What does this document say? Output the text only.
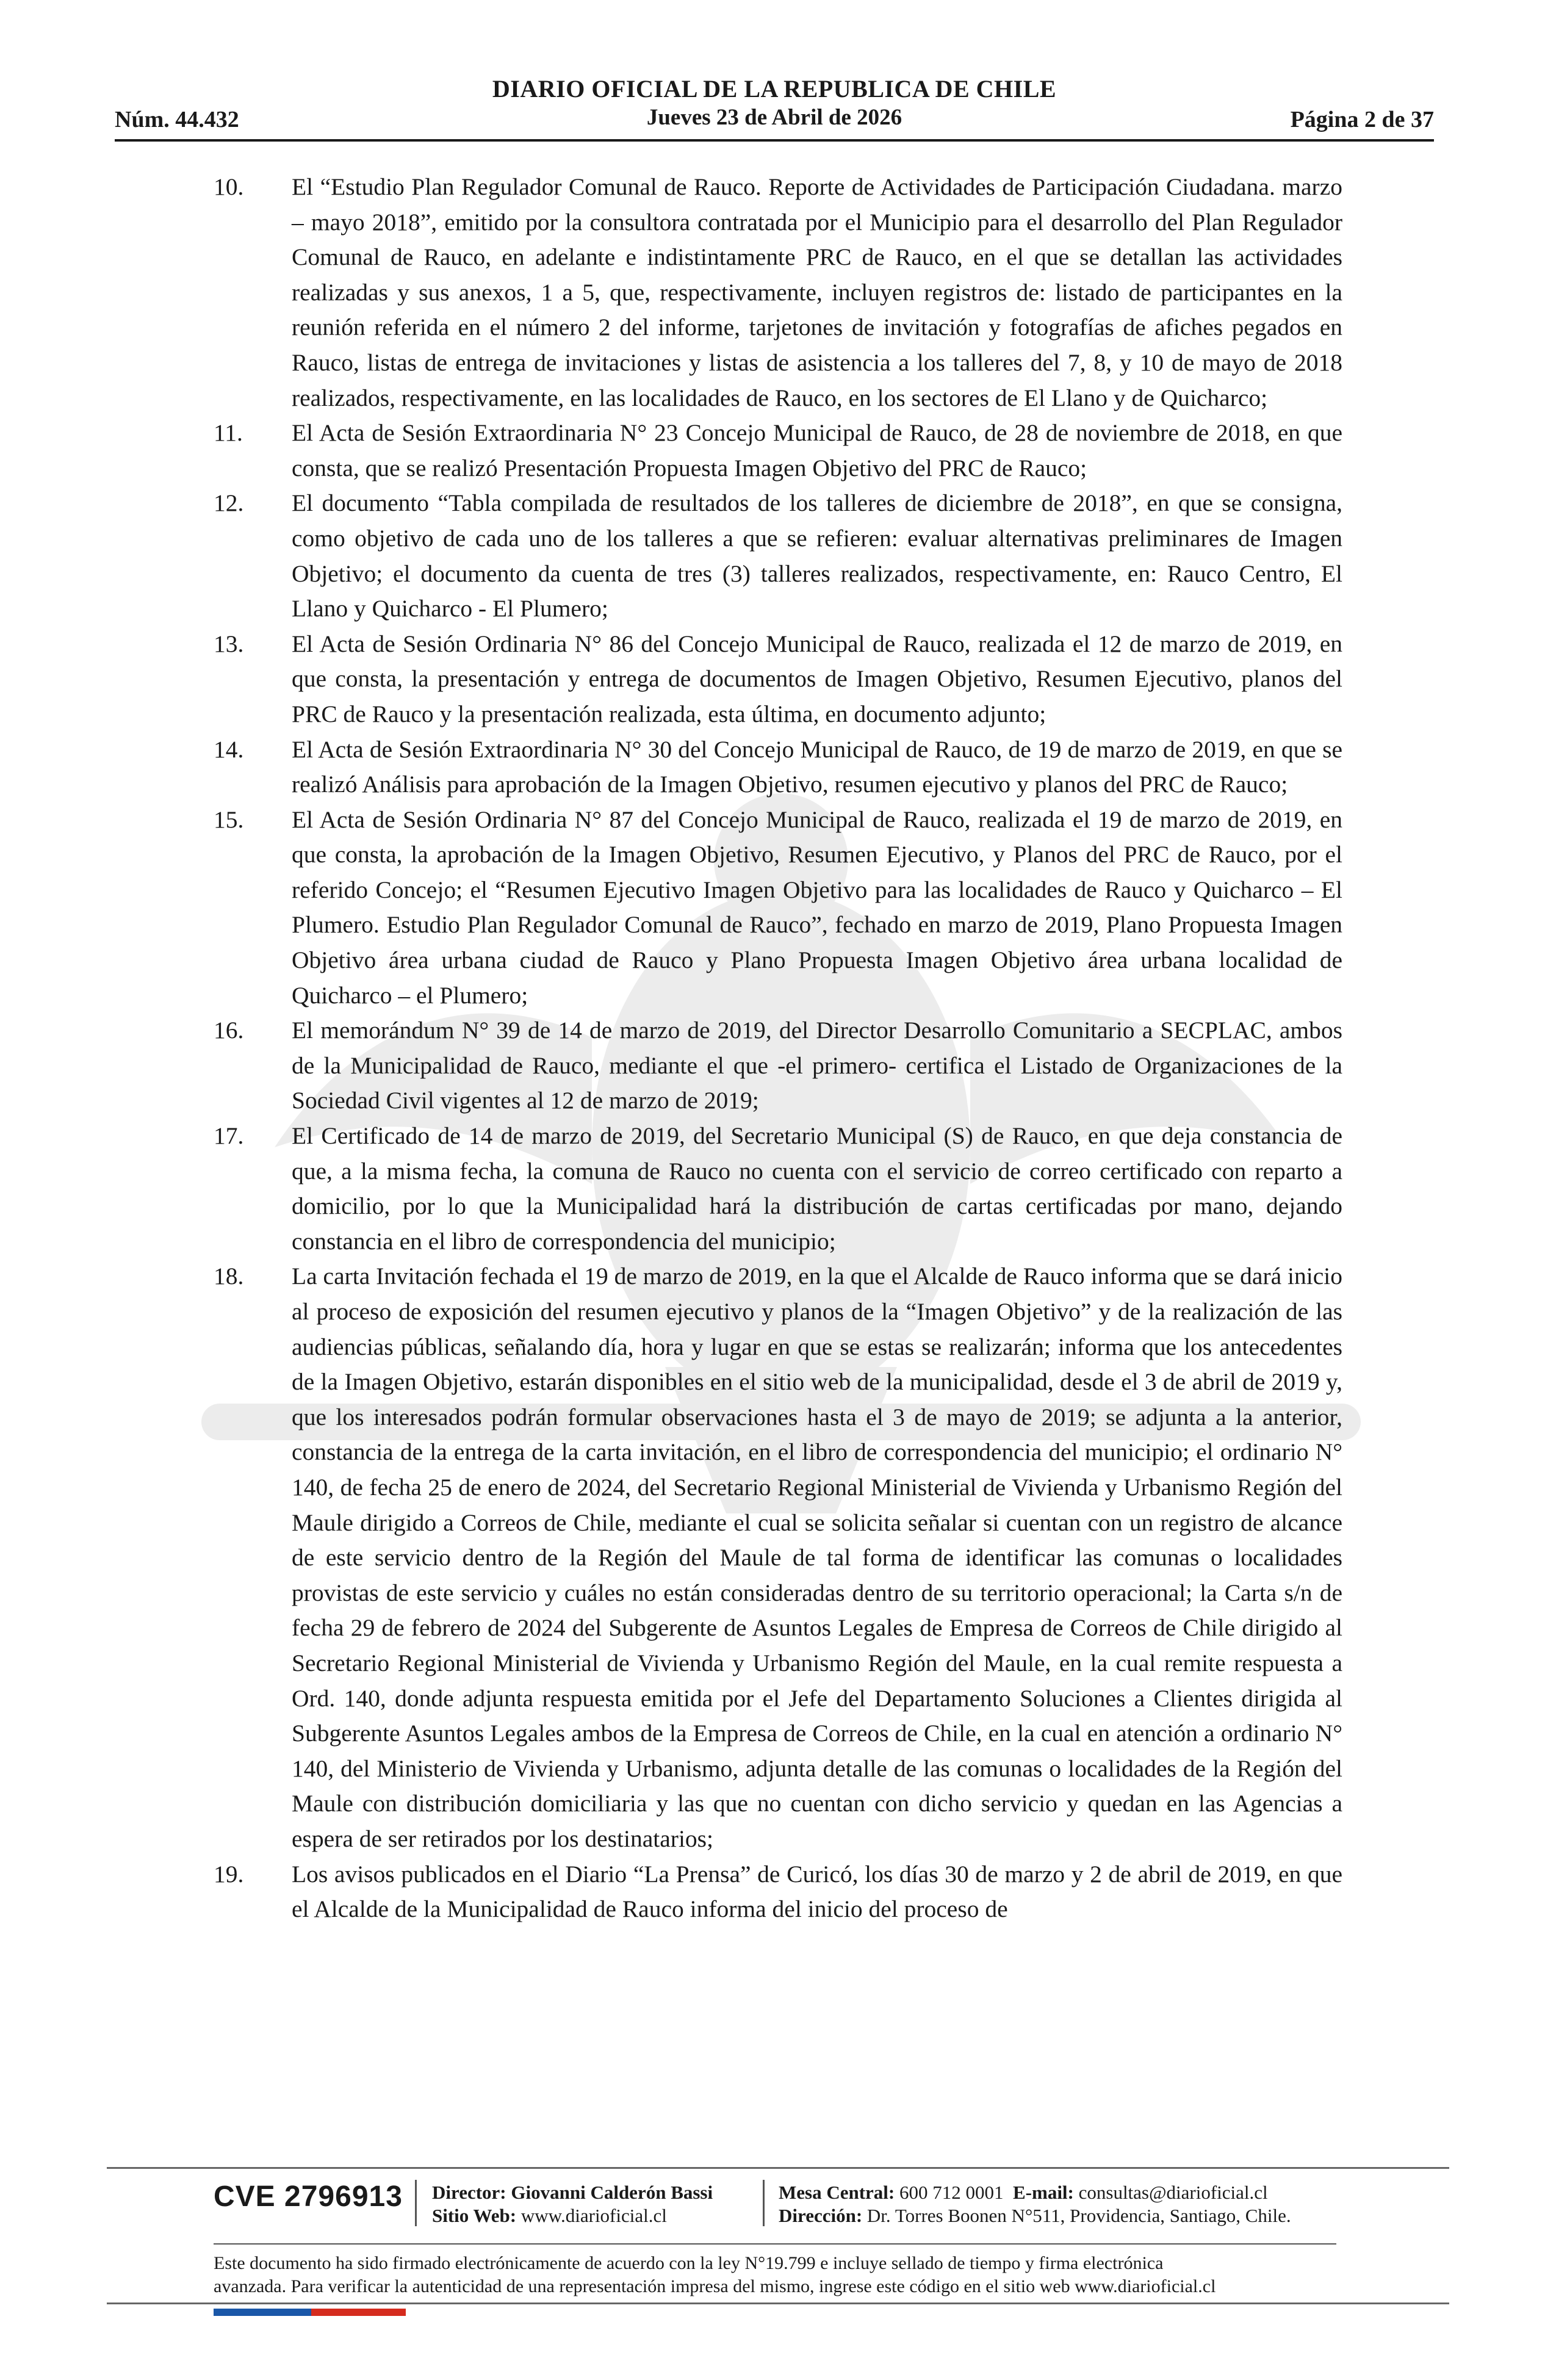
DIARIO OFICIAL DE LA REPUBLICA DE CHILE
Jueves 23 de Abril de 2026
Núm. 44.432	Página 2 de 37
10.	El “Estudio Plan Regulador Comunal de Rauco. Reporte de Actividades de Participación Ciudadana. marzo – mayo 2018”, emitido por la consultora contratada por el Municipio para el desarrollo del Plan Regulador Comunal de Rauco, en adelante e indistintamente PRC de Rauco, en el que se detallan las actividades realizadas y sus anexos, 1 a 5, que, respectivamente, incluyen registros de: listado de participantes en la reunión referida en el número 2 del informe, tarjetones de invitación y fotografías de afiches pegados en Rauco, listas de entrega de invitaciones y listas de asistencia a los talleres del 7, 8, y 10 de mayo de 2018 realizados, respectivamente, en las localidades de Rauco, en los sectores de El Llano y de Quicharco;
11.	El Acta de Sesión Extraordinaria N° 23 Concejo Municipal de Rauco, de 28 de noviembre de 2018, en que consta, que se realizó Presentación Propuesta Imagen Objetivo del PRC de Rauco;
12.	El documento “Tabla compilada de resultados de los talleres de diciembre de 2018”, en que se consigna, como objetivo de cada uno de los talleres a que se refieren: evaluar alternativas preliminares de Imagen Objetivo; el documento da cuenta de tres (3) talleres realizados, respectivamente, en: Rauco Centro, El Llano y Quicharco - El Plumero;
13.	El Acta de Sesión Ordinaria N° 86 del Concejo Municipal de Rauco, realizada el 12 de marzo de 2019, en que consta, la presentación y entrega de documentos de Imagen Objetivo, Resumen Ejecutivo, planos del PRC de Rauco y la presentación realizada, esta última, en documento adjunto;
14.	El Acta de Sesión Extraordinaria N° 30 del Concejo Municipal de Rauco, de 19 de marzo de 2019, en que se realizó Análisis para aprobación de la Imagen Objetivo, resumen ejecutivo y planos del PRC de Rauco;
15.	El Acta de Sesión Ordinaria N° 87 del Concejo Municipal de Rauco, realizada el 19 de marzo de 2019, en que consta, la aprobación de la Imagen Objetivo, Resumen Ejecutivo, y Planos del PRC de Rauco, por el referido Concejo; el “Resumen Ejecutivo Imagen Objetivo para las localidades de Rauco y Quicharco – El Plumero. Estudio Plan Regulador Comunal de Rauco”, fechado en marzo de 2019, Plano Propuesta Imagen Objetivo área urbana ciudad de Rauco y Plano Propuesta Imagen Objetivo área urbana localidad de Quicharco – el Plumero;
16.	El memorándum N° 39 de 14 de marzo de 2019, del Director Desarrollo Comunitario a SECPLAC, ambos de la Municipalidad de Rauco, mediante el que -el primero- certifica el Listado de Organizaciones de la Sociedad Civil vigentes al 12 de marzo de 2019;
17.	El Certificado de 14 de marzo de 2019, del Secretario Municipal (S) de Rauco, en que deja constancia de que, a la misma fecha, la comuna de Rauco no cuenta con el servicio de correo certificado con reparto a domicilio, por lo que la Municipalidad hará la distribución de cartas certificadas por mano, dejando constancia en el libro de correspondencia del municipio;
18.	La carta Invitación fechada el 19 de marzo de 2019, en la que el Alcalde de Rauco informa que se dará inicio al proceso de exposición del resumen ejecutivo y planos de la “Imagen Objetivo” y de la realización de las audiencias públicas, señalando día, hora y lugar en que se estas se realizarán; informa que los antecedentes de la Imagen Objetivo, estarán disponibles en el sitio web de la municipalidad, desde el 3 de abril de 2019 y, que los interesados podrán formular observaciones hasta el 3 de mayo de 2019; se adjunta a la anterior, constancia de la entrega de la carta invitación, en el libro de correspondencia del municipio; el ordinario N° 140, de fecha 25 de enero de 2024, del Secretario Regional Ministerial de Vivienda y Urbanismo Región del Maule dirigido a Correos de Chile, mediante el cual se solicita señalar si cuentan con un registro de alcance de este servicio dentro de la Región del Maule de tal forma de identificar las comunas o localidades provistas de este servicio y cuáles no están consideradas dentro de su territorio operacional; la Carta s/n de fecha 29 de febrero de 2024 del Subgerente de Asuntos Legales de Empresa de Correos de Chile dirigido al Secretario Regional Ministerial de Vivienda y Urbanismo Región del Maule, en la cual remite respuesta a Ord. 140, donde adjunta respuesta emitida por el Jefe del Departamento Soluciones a Clientes dirigida al Subgerente Asuntos Legales ambos de la Empresa de Correos de Chile, en la cual en atención a ordinario N° 140, del Ministerio de Vivienda y Urbanismo, adjunta detalle de las comunas o localidades de la Región del Maule con distribución domiciliaria y las que no cuentan con dicho servicio y quedan en las Agencias a espera de ser retirados por los destinatarios;
19.	Los avisos publicados en el Diario “La Prensa” de Curicó, los días 30 de marzo y 2 de abril de 2019, en que el Alcalde de la Municipalidad de Rauco informa del inicio del proceso de
CVE 2796913 Director: Giovanni Calderón Bassi
Sitio Web: www.diarioficial.cl
Mesa Central: 600 712 0001 E-mail: consultas@diarioficial.cl
Dirección: Dr. Torres Boonen N°511, Providencia, Santiago, Chile.
Este documento ha sido firmado electrónicamente de acuerdo con la ley N°19.799 e incluye sellado de tiempo y firma electrónica
avanzada. Para verificar la autenticidad de una representación impresa del mismo, ingrese este código en el sitio web www.diarioficial.cl
